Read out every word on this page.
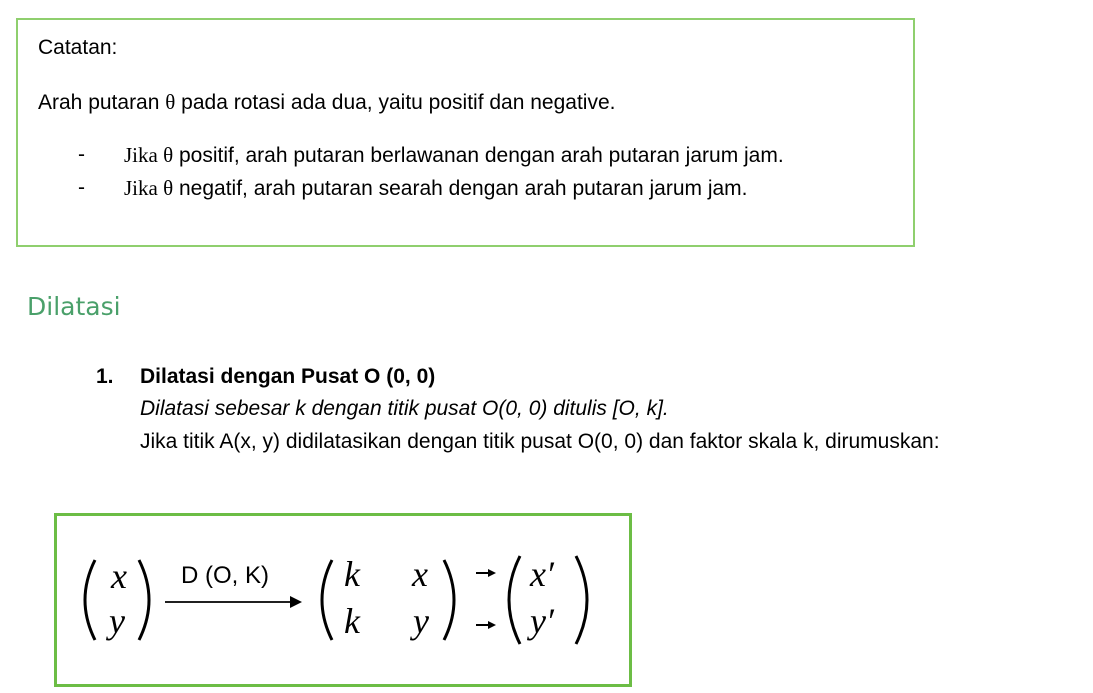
Catatan:
Arah putaran θ pada rotasi ada dua, yaitu positif dan negative.
- Jika θ positif, arah putaran berlawanan dengan arah putaran jarum jam.
- Jika θ negatif, arah putaran searah dengan arah putaran jarum jam.
Dilatasi
1. Dilatasi dengan Pusat O (0, 0)
Dilatasi sebesar k dengan titik pusat O(0, 0) ditulis [O, k].
Jika titik A(x, y) didilatasikan dengan titik pusat O(0, 0) dan faktor skala k, dirumuskan:
x
y
D (O, K) k x
k y
x′
y′
